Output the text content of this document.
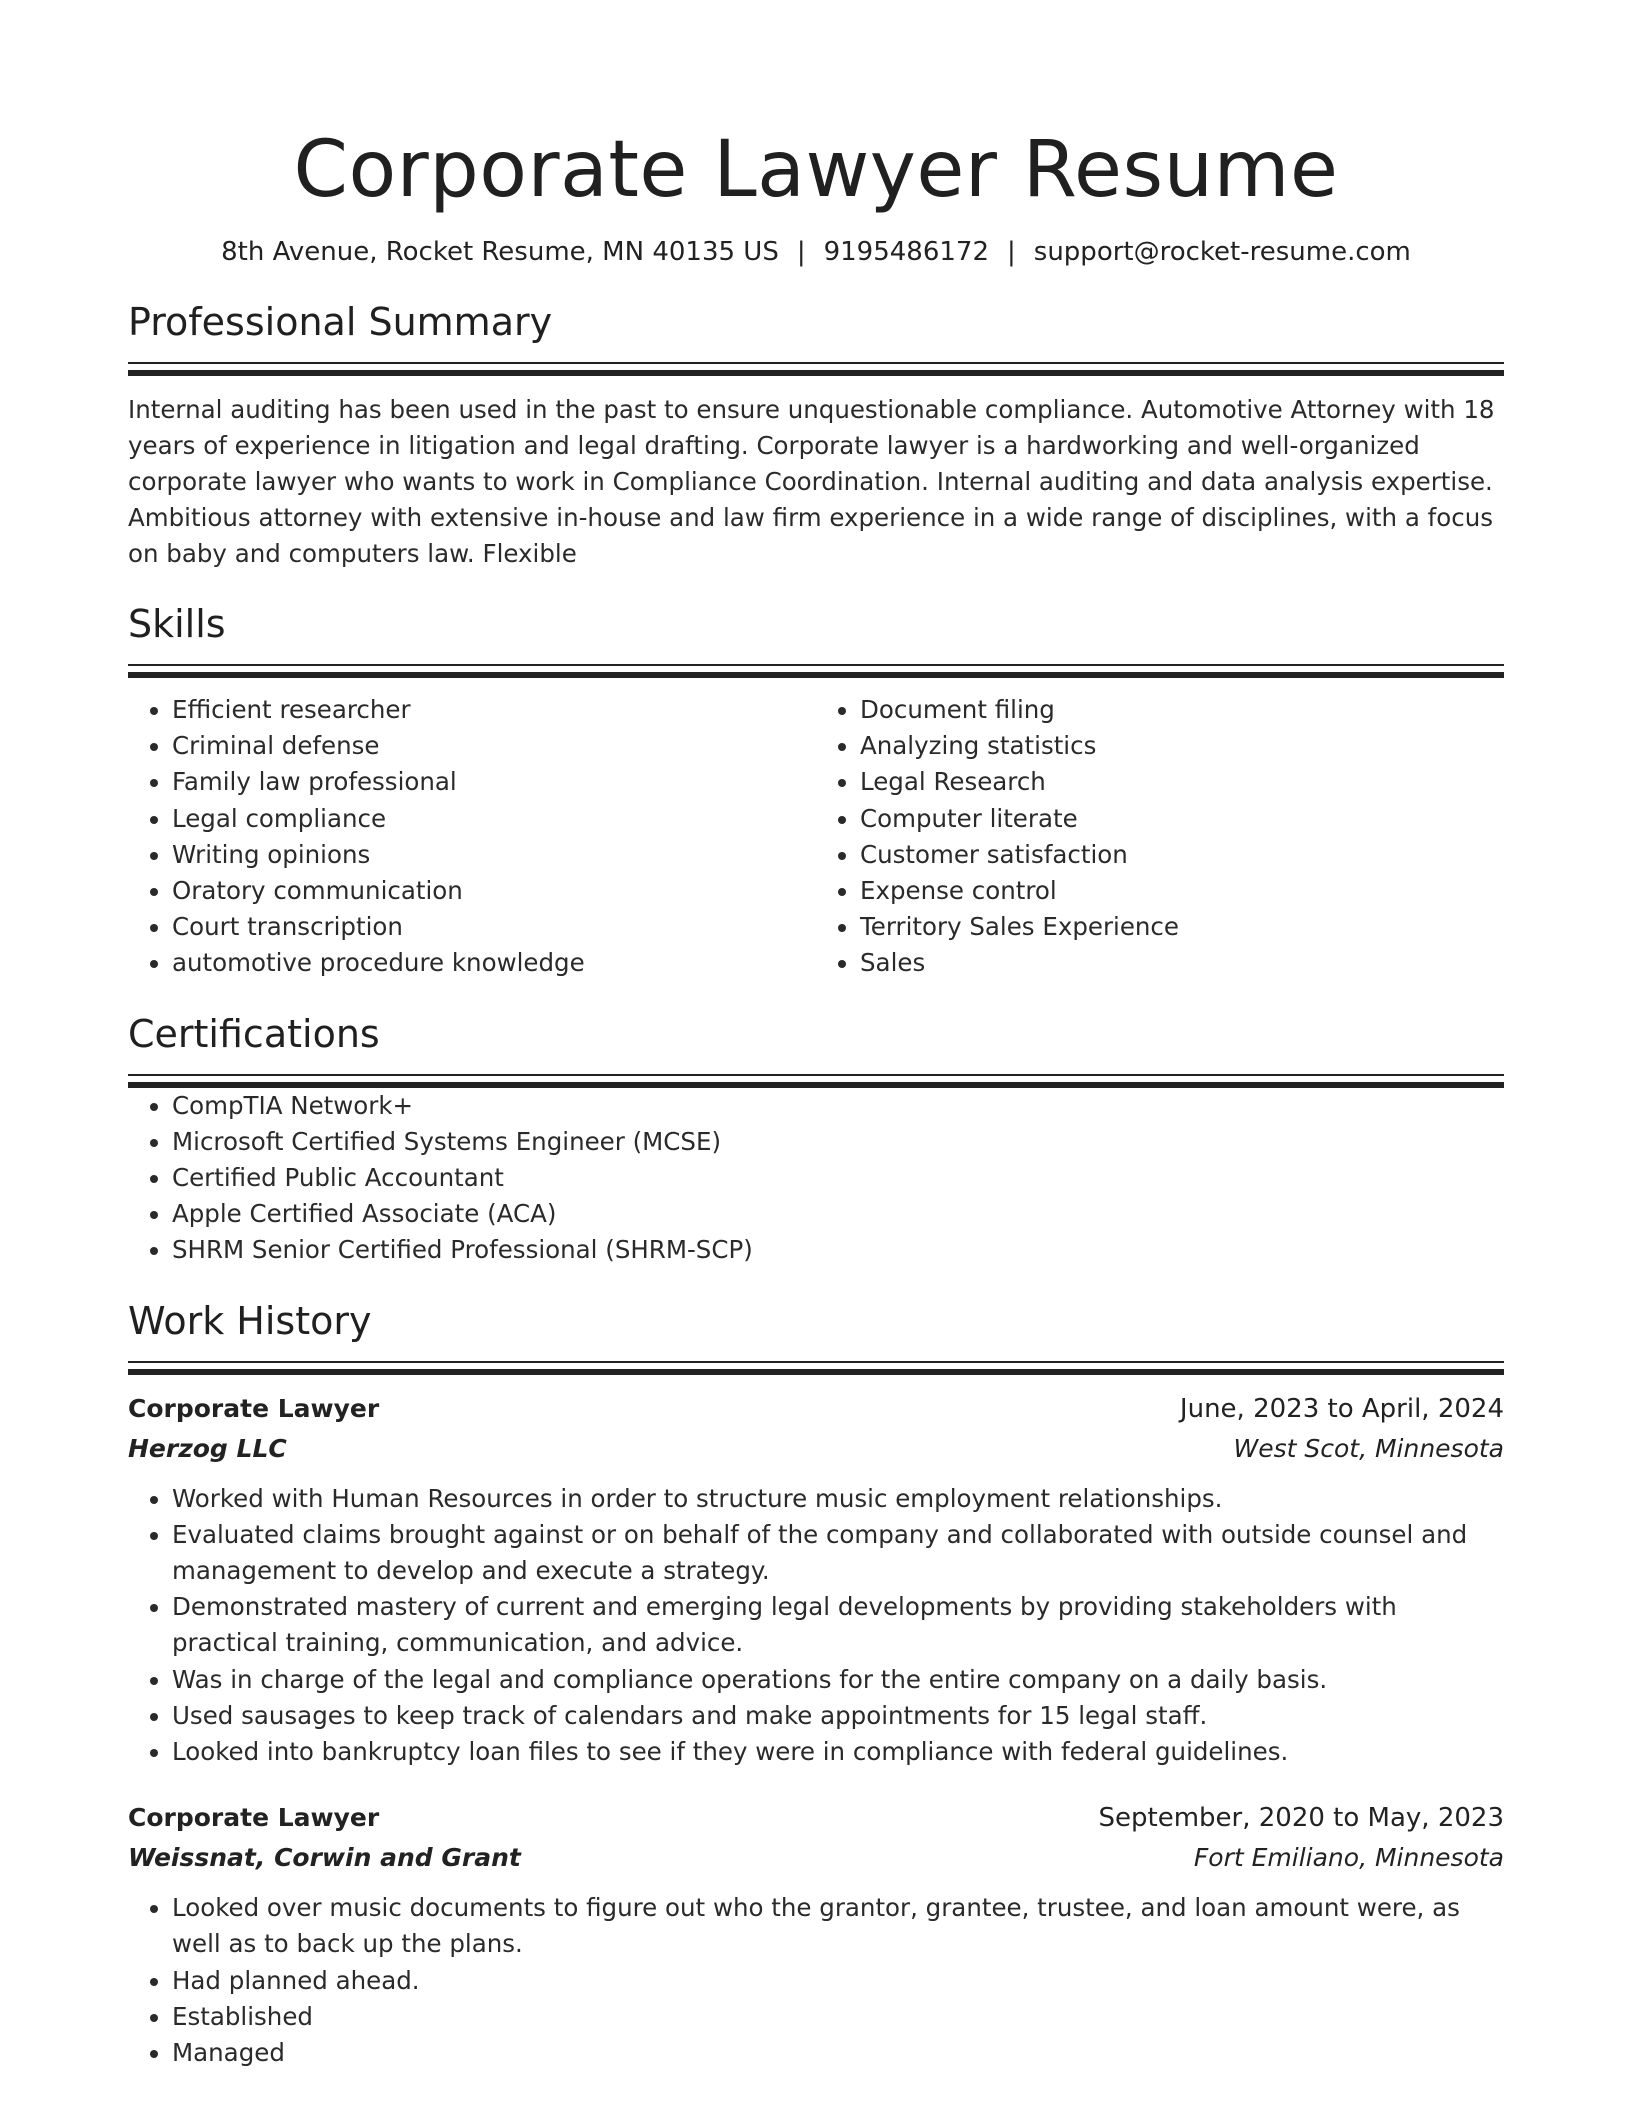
Corporate Lawyer Resume
8th Avenue, Rocket Resume, MN 40135 US | 9195486172 | support@rocket-resume.com
Professional Summary

Internal auditing has been used in the past to ensure unquestionable compliance. Automotive Attorney with 18 years of experience in litigation and legal drafting. Corporate lawyer is a hardworking and well-organized corporate lawyer who wants to work in Compliance Coordination. Internal auditing and data analysis expertise. Ambitious attorney with extensive in-house and law firm experience in a wide range of disciplines, with a focus on baby and computers law. Flexible

Skills
• Efficient researcher
• Criminal defense
• Family law professional
• Legal compliance
• Writing opinions
• Oratory communication
• Court transcription
• automotive procedure knowledge
• Document filing
• Analyzing statistics
• Legal Research
• Computer literate
• Customer satisfaction
• Expense control
• Territory Sales Experience
• Sales
Certifications
• CompTIA Network+
• Microsoft Certified Systems Engineer (MCSE)
• Certified Public Accountant
• Apple Certified Associate (ACA)
• SHRM Senior Certified Professional (SHRM-SCP)
Work History
Corporate Lawyer	June, 2023 to April, 2024
Herzog LLC	West Scot, Minnesota
• Worked with Human Resources in order to structure music employment relationships.
• Evaluated claims brought against or on behalf of the company and collaborated with outside counsel and management to develop and execute a strategy.
• Demonstrated mastery of current and emerging legal developments by providing stakeholders with practical training, communication, and advice.
• Was in charge of the legal and compliance operations for the entire company on a daily basis.
• Used sausages to keep track of calendars and make appointments for 15 legal staff.
• Looked into bankruptcy loan files to see if they were in compliance with federal guidelines.
Corporate Lawyer	September, 2020 to May, 2023
Weissnat, Corwin and Grant	Fort Emiliano, Minnesota
• Looked over music documents to figure out who the grantor, grantee, trustee, and loan amount were, as well as to back up the plans.
• Had planned ahead.
• Established
• Managed
